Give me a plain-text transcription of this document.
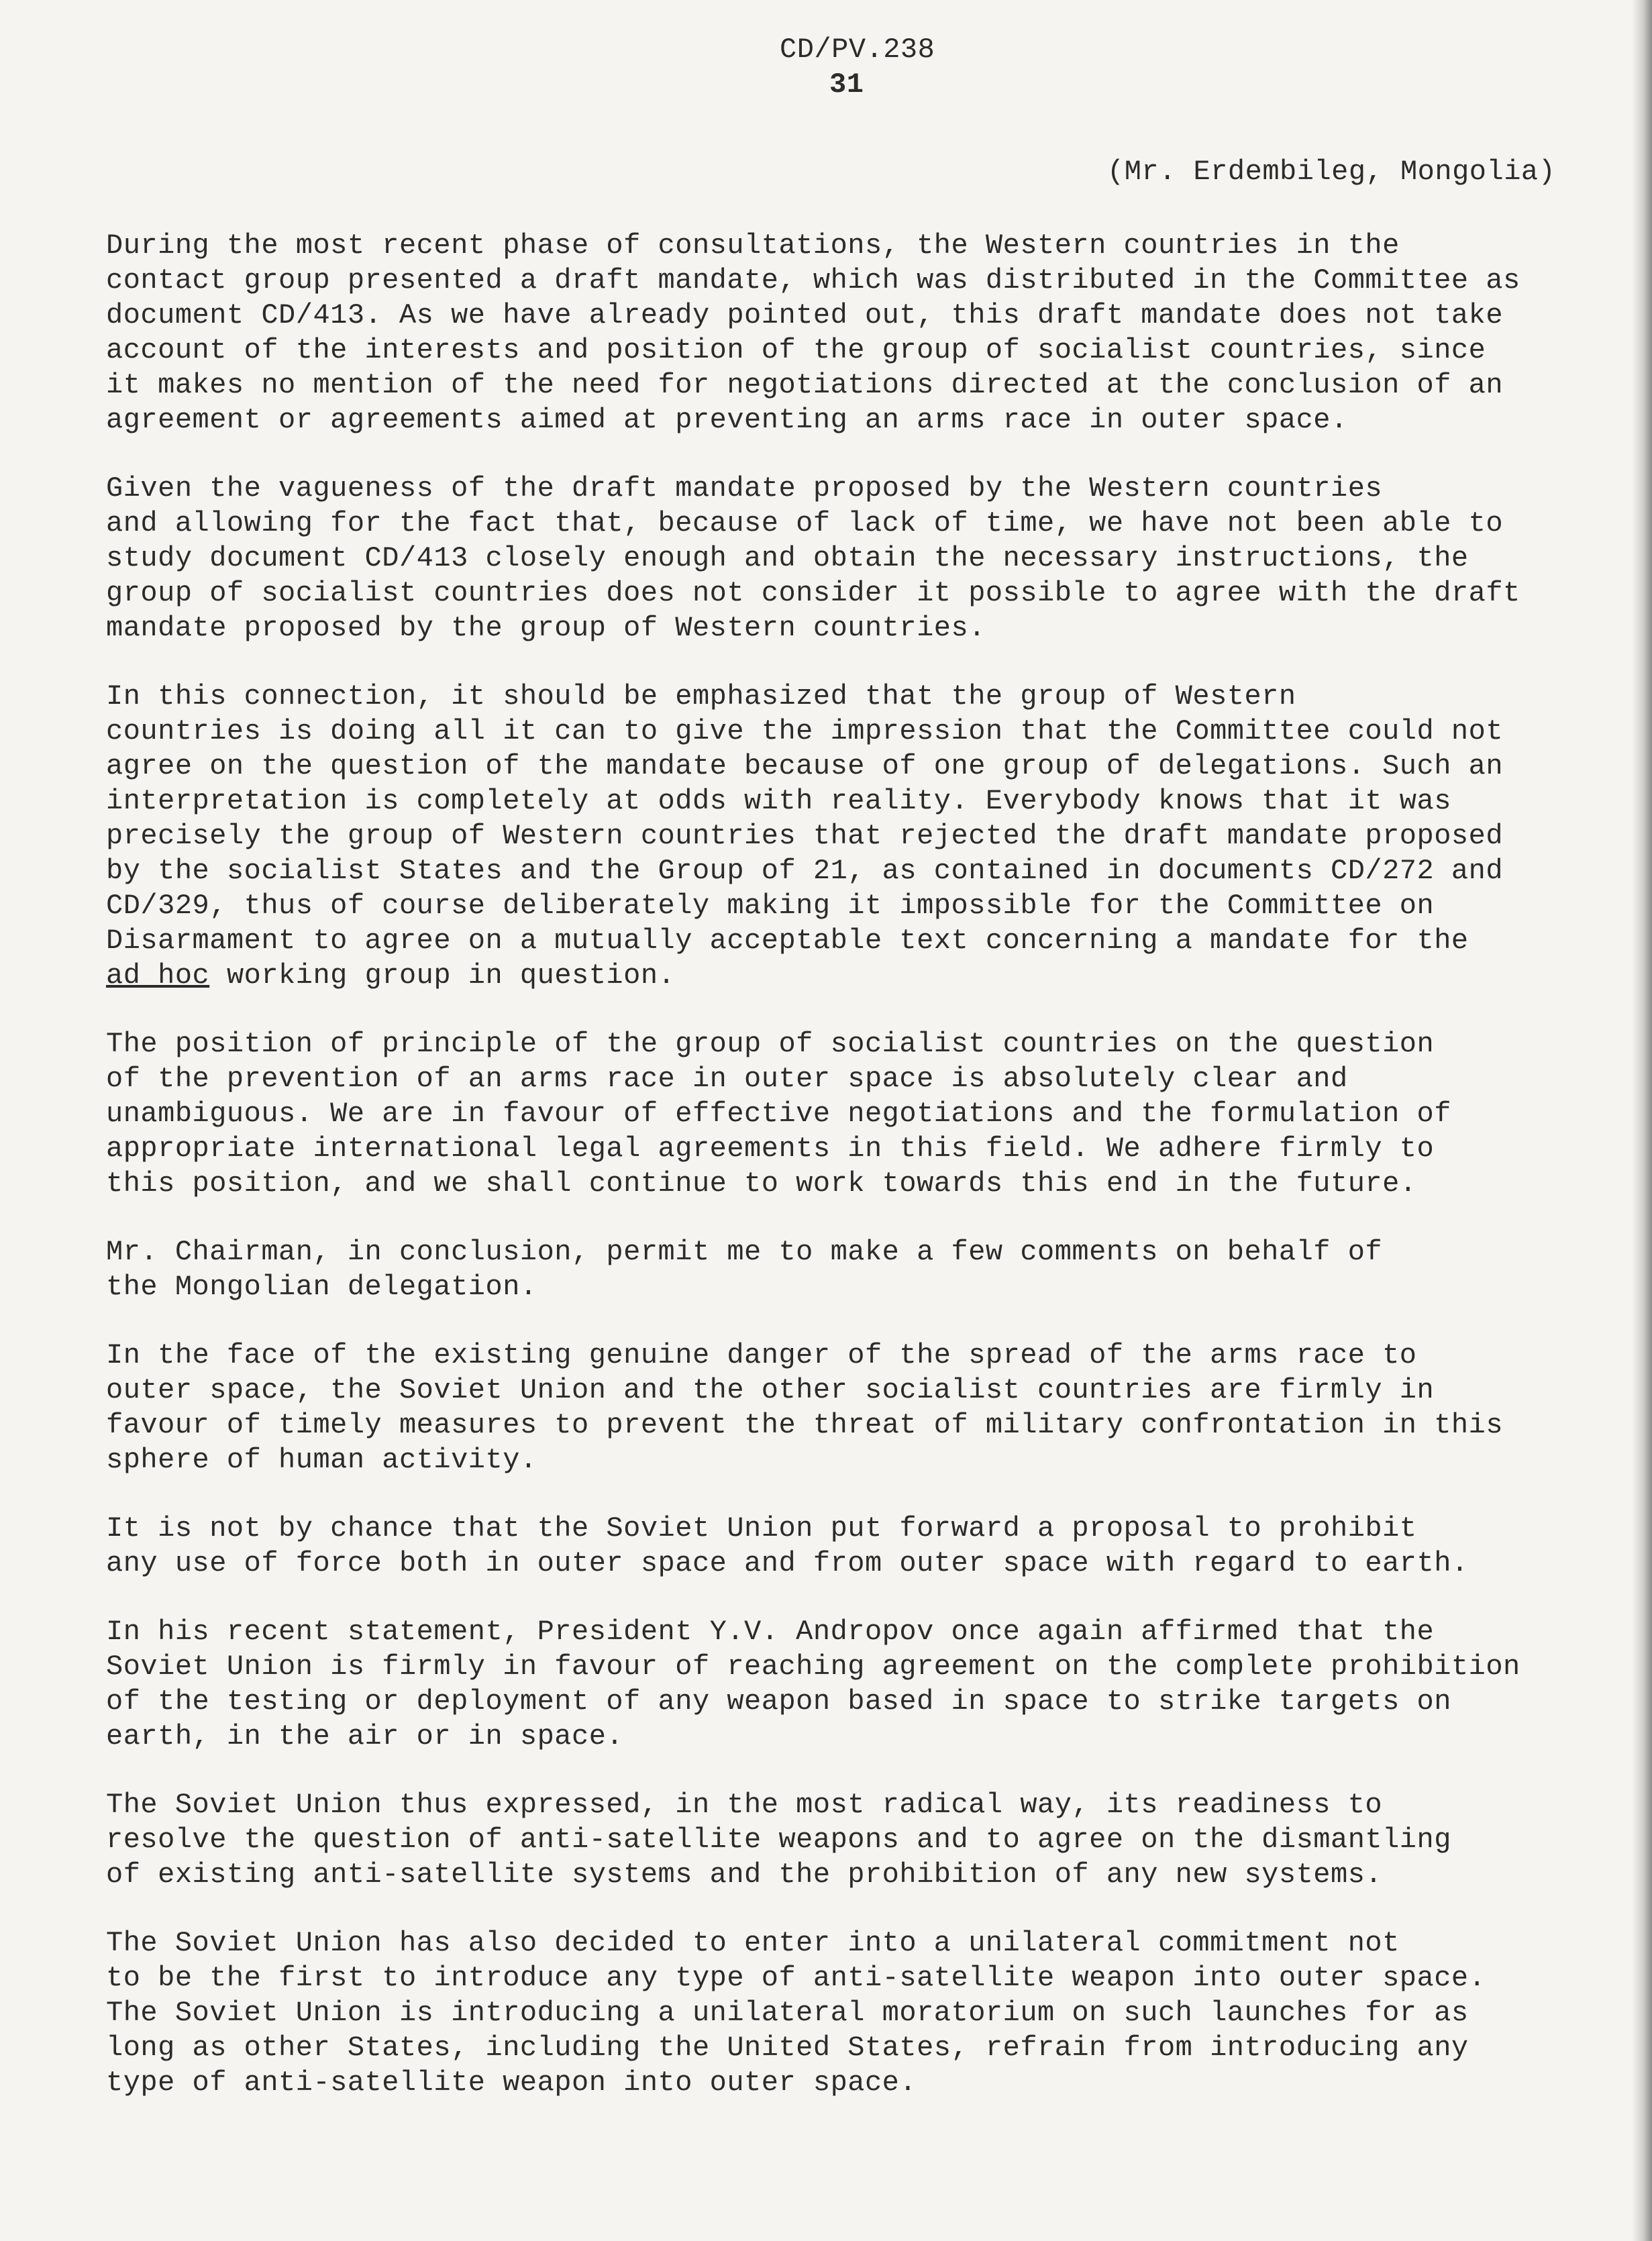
CD/PV.238
31
(Mr. Erdembileg, Mongolia)

During the most recent phase of consultations, the Western countries in the
contact group presented a draft mandate, which was distributed in the Committee as
document CD/413. As we have already pointed out, this draft mandate does not take
account of the interests and position of the group of socialist countries, since
it makes no mention of the need for negotiations directed at the conclusion of an
agreement or agreements aimed at preventing an arms race in outer space.

Given the vagueness of the draft mandate proposed by the Western countries
and allowing for the fact that, because of lack of time, we have not been able to
study document CD/413 closely enough and obtain the necessary instructions, the
group of socialist countries does not consider it possible to agree with the draft
mandate proposed by the group of Western countries.

In this connection, it should be emphasized that the group of Western
countries is doing all it can to give the impression that the Committee could not
agree on the question of the mandate because of one group of delegations. Such an
interpretation is completely at odds with reality. Everybody knows that it was
precisely the group of Western countries that rejected the draft mandate proposed
by the socialist States and the Group of 21, as contained in documents CD/272 and
CD/329, thus of course deliberately making it impossible for the Committee on
Disarmament to agree on a mutually acceptable text concerning a mandate for the
ad hoc working group in question.

The position of principle of the group of socialist countries on the question
of the prevention of an arms race in outer space is absolutely clear and
unambiguous. We are in favour of effective negotiations and the formulation of
appropriate international legal agreements in this field. We adhere firmly to
this position, and we shall continue to work towards this end in the future.

Mr. Chairman, in conclusion, permit me to make a few comments on behalf of
the Mongolian delegation.

In the face of the existing genuine danger of the spread of the arms race to
outer space, the Soviet Union and the other socialist countries are firmly in
favour of timely measures to prevent the threat of military confrontation in this
sphere of human activity.

It is not by chance that the Soviet Union put forward a proposal to prohibit
any use of force both in outer space and from outer space with regard to earth.

In his recent statement, President Y.V. Andropov once again affirmed that the
Soviet Union is firmly in favour of reaching agreement on the complete prohibition
of the testing or deployment of any weapon based in space to strike targets on
earth, in the air or in space.

The Soviet Union thus expressed, in the most radical way, its readiness to
resolve the question of anti-satellite weapons and to agree on the dismantling
of existing anti-satellite systems and the prohibition of any new systems.

The Soviet Union has also decided to enter into a unilateral commitment not
to be the first to introduce any type of anti-satellite weapon into outer space.
The Soviet Union is introducing a unilateral moratorium on such launches for as
long as other States, including the United States, refrain from introducing any
type of anti-satellite weapon into outer space.
